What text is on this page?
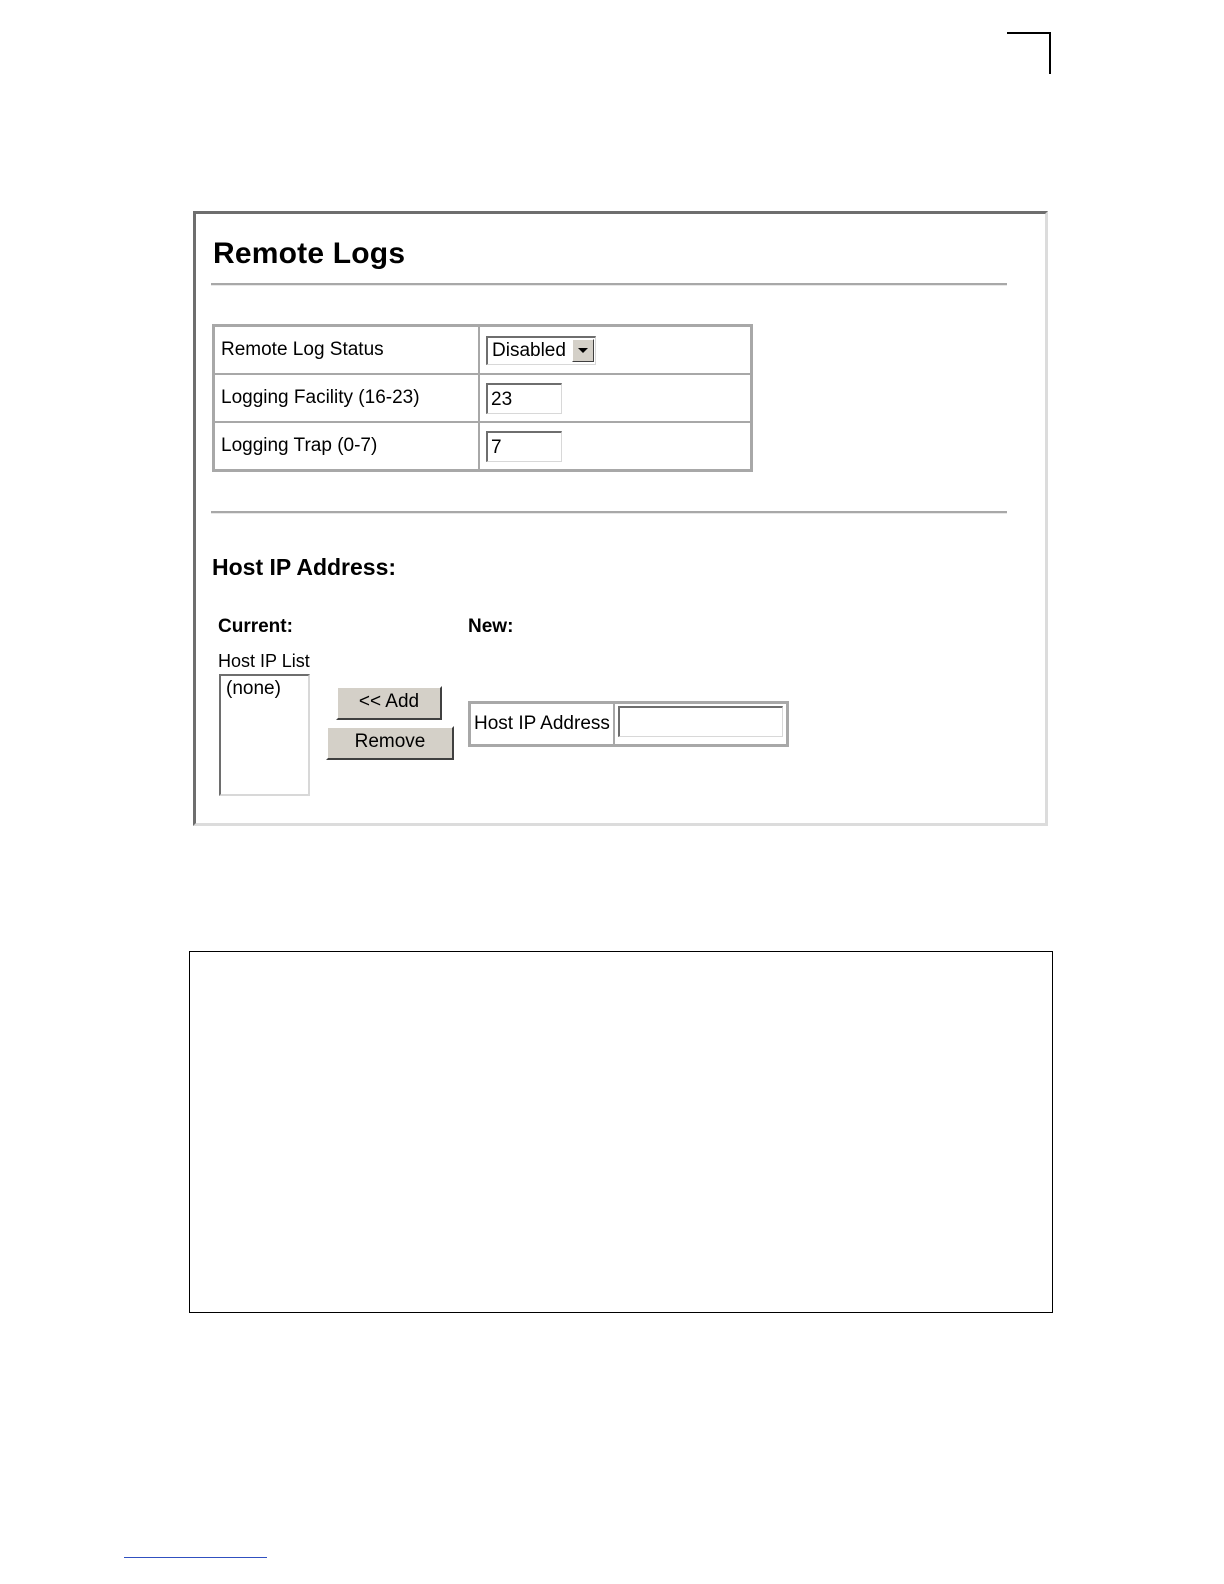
Remote Logs
Remote Log Status	Disabled

Logging Facility (16-23)	23
Logging Trap (0-7)	7
Host IP Address:
Current:	New:
Host IP List
(none)
<< Add
Remove
Host IP Address	
